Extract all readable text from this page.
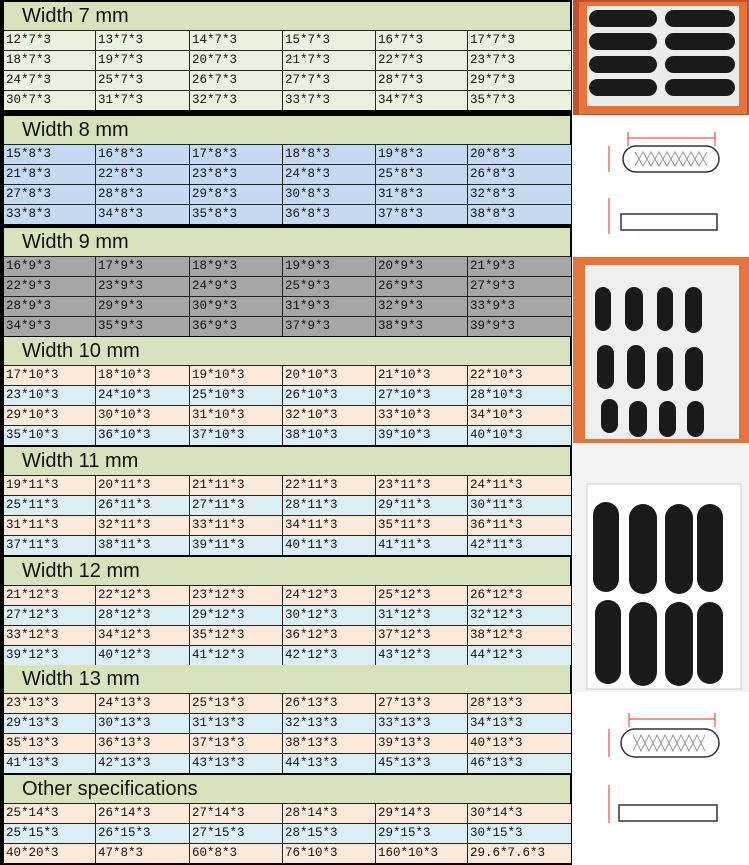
Width 7 mm
12*7*3	13*7*3	14*7*3	15*7*3	16*7*3	17*7*3
18*7*3	19*7*3	20*7*3	21*7*3	22*7*3	23*7*3
24*7*3	25*7*3	26*7*3	27*7*3	28*7*3	29*7*3
30*7*3	31*7*3	32*7*3	33*7*3	34*7*3	35*7*3
Width 8 mm
15*8*3	16*8*3	17*8*3	18*8*3	19*8*3	20*8*3
21*8*3	22*8*3	23*8*3	24*8*3	25*8*3	26*8*3
27*8*3	28*8*3	29*8*3	30*8*3	31*8*3	32*8*3
33*8*3	34*8*3	35*8*3	36*8*3	37*8*3	38*8*3
Width 9 mm
16*9*3	17*9*3	18*9*3	19*9*3	20*9*3	21*9*3
22*9*3	23*9*3	24*9*3	25*9*3	26*9*3	27*9*3
28*9*3	29*9*3	30*9*3	31*9*3	32*9*3	33*9*3
34*9*3	35*9*3	36*9*3	37*9*3	38*9*3	39*9*3
Width 10 mm
17*10*3	18*10*3	19*10*3	20*10*3	21*10*3	22*10*3
23*10*3	24*10*3	25*10*3	26*10*3	27*10*3	28*10*3
29*10*3	30*10*3	31*10*3	32*10*3	33*10*3	34*10*3
35*10*3	36*10*3	37*10*3	38*10*3	39*10*3	40*10*3
Width 11 mm
19*11*3	20*11*3	21*11*3	22*11*3	23*11*3	24*11*3
25*11*3	26*11*3	27*11*3	28*11*3	29*11*3	30*11*3
31*11*3	32*11*3	33*11*3	34*11*3	35*11*3	36*11*3
37*11*3	38*11*3	39*11*3	40*11*3	41*11*3	42*11*3
Width 12 mm
21*12*3	22*12*3	23*12*3	24*12*3	25*12*3	26*12*3
27*12*3	28*12*3	29*12*3	30*12*3	31*12*3	32*12*3
33*12*3	34*12*3	35*12*3	36*12*3	37*12*3	38*12*3
39*12*3	40*12*3	41*12*3	42*12*3	43*12*3	44*12*3
Width 13 mm
23*13*3	24*13*3	25*13*3	26*13*3	27*13*3	28*13*3
29*13*3	30*13*3	31*13*3	32*13*3	33*13*3	34*13*3
35*13*3	36*13*3	37*13*3	38*13*3	39*13*3	40*13*3
41*13*3	42*13*3	43*13*3	44*13*3	45*13*3	46*13*3
Other specifications
25*14*3	26*14*3	27*14*3	28*14*3	29*14*3	30*14*3
25*15*3	26*15*3	27*15*3	28*15*3	29*15*3	30*15*3
40*20*3	47*8*3	60*8*3	76*10*3	160*10*3	29.6*7.6*3
